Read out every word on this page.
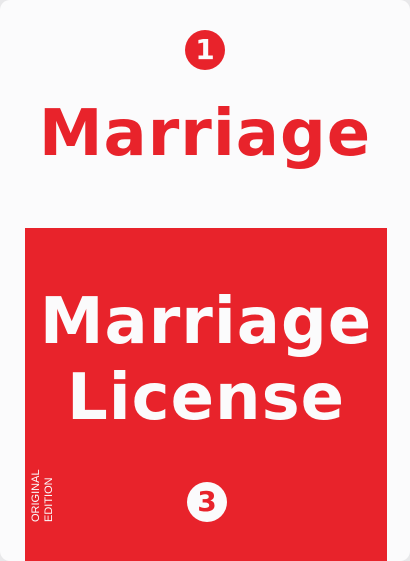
1
Marriage
Marriage
License
ORIGINAL EDITION	3
